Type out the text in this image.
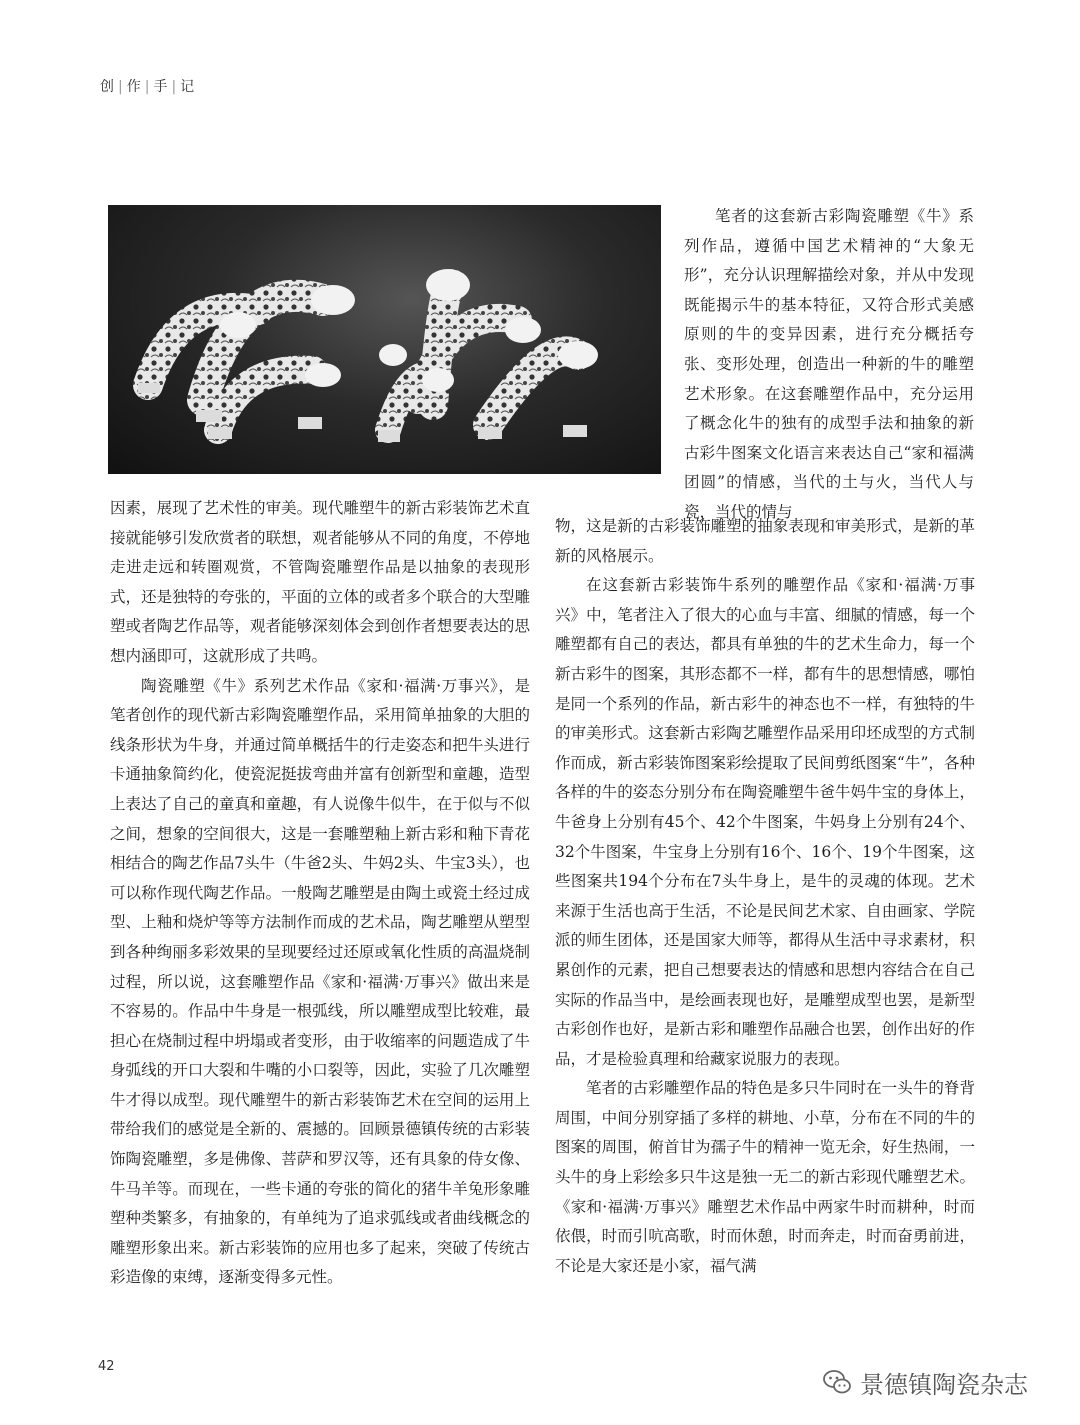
创 | 作 | 手 | 记

笔者的这套新古彩陶瓷雕塑《牛》系列作品，遵循中国艺术精神的“大象无形”，充分认识理解描绘对象，并从中发现既能揭示牛的基本特征，又符合形式美感原则的牛的变异因素，进行充分概括夸张、变形处理，创造出一种新的牛的雕塑艺术形象。在这套雕塑作品中，充分运用了概念化牛的独有的成型手法和抽象的新古彩牛图案文化语言来表达自己“家和福满团圆”的情感，当代的土与火，当代人与瓷，当代的情与

因素，展现了艺术性的审美。现代雕塑牛的新古彩装饰艺术直接就能够引发欣赏者的联想，观者能够从不同的角度，不停地走进走远和转圈观赏，不管陶瓷雕塑作品是以抽象的表现形式，还是独特的夸张的，平面的立体的或者多个联合的大型雕塑或者陶艺作品等，观者能够深刻体会到创作者想要表达的思想内涵即可，这就形成了共鸣。

陶瓷雕塑《牛》系列艺术作品《家和·福满·万事兴》，是笔者创作的现代新古彩陶瓷雕塑作品，采用简单抽象的大胆的线条形状为牛身，并通过简单概括牛的行走姿态和把牛头进行卡通抽象简约化，使瓷泥挺拔弯曲并富有创新型和童趣，造型上表达了自己的童真和童趣，有人说像牛似牛，在于似与不似之间，想象的空间很大，这是一套雕塑釉上新古彩和釉下青花相结合的陶艺作品7头牛（牛爸2头、牛妈2头、牛宝3头），也可以称作现代陶艺作品。一般陶艺雕塑是由陶土或瓷土经过成型、上釉和烧炉等等方法制作而成的艺术品，陶艺雕塑从塑型到各种绚丽多彩效果的呈现要经过还原或氧化性质的高温烧制过程，所以说，这套雕塑作品《家和·福满·万事兴》做出来是不容易的。作品中牛身是一根弧线，所以雕塑成型比较难，最担心在烧制过程中坍塌或者变形，由于收缩率的问题造成了牛身弧线的开口大裂和牛嘴的小口裂等，因此，实验了几次雕塑牛才得以成型。现代雕塑牛的新古彩装饰艺术在空间的运用上带给我们的感觉是全新的、震撼的。回顾景德镇传统的古彩装饰陶瓷雕塑，多是佛像、菩萨和罗汉等，还有具象的侍女像、牛马羊等。而现在，一些卡通的夸张的简化的猪牛羊兔形象雕塑种类繁多，有抽象的，有单纯为了追求弧线或者曲线概念的雕塑形象出来。新古彩装饰的应用也多了起来，突破了传统古彩造像的束缚，逐渐变得多元性。

物，这是新的古彩装饰雕塑的抽象表现和审美形式，是新的革新的风格展示。

在这套新古彩装饰牛系列的雕塑作品《家和·福满·万事兴》中，笔者注入了很大的心血与丰富、细腻的情感，每一个雕塑都有自己的表达，都具有单独的牛的艺术生命力，每一个新古彩牛的图案，其形态都不一样，都有牛的思想情感，哪怕是同一个系列的作品，新古彩牛的神态也不一样，有独特的牛的审美形式。这套新古彩陶艺雕塑作品采用印坯成型的方式制作而成，新古彩装饰图案彩绘提取了民间剪纸图案“牛”，各种各样的牛的姿态分别分布在陶瓷雕塑牛爸牛妈牛宝的身体上，牛爸身上分别有45个、42个牛图案，牛妈身上分别有24个、32个牛图案，牛宝身上分别有16个、16个、19个牛图案，这些图案共194个分布在7头牛身上，是牛的灵魂的体现。艺术来源于生活也高于生活，不论是民间艺术家、自由画家、学院派的师生团体，还是国家大师等，都得从生活中寻求素材，积累创作的元素，把自己想要表达的情感和思想内容结合在自己实际的作品当中，是绘画表现也好，是雕塑成型也罢，是新型古彩创作也好，是新古彩和雕塑作品融合也罢，创作出好的作品，才是检验真理和给藏家说服力的表现。

笔者的古彩雕塑作品的特色是多只牛同时在一头牛的脊背周围，中间分别穿插了多样的耕地、小草，分布在不同的牛的图案的周围，俯首甘为孺子牛的精神一览无余，好生热闹，一头牛的身上彩绘多只牛这是独一无二的新古彩现代雕塑艺术。《家和·福满·万事兴》雕塑艺术作品中两家牛时而耕种，时而依偎，时而引吭高歌，时而休憩，时而奔走，时而奋勇前进，不论是大家还是小家，福气满

42
景德镇陶瓷杂志
